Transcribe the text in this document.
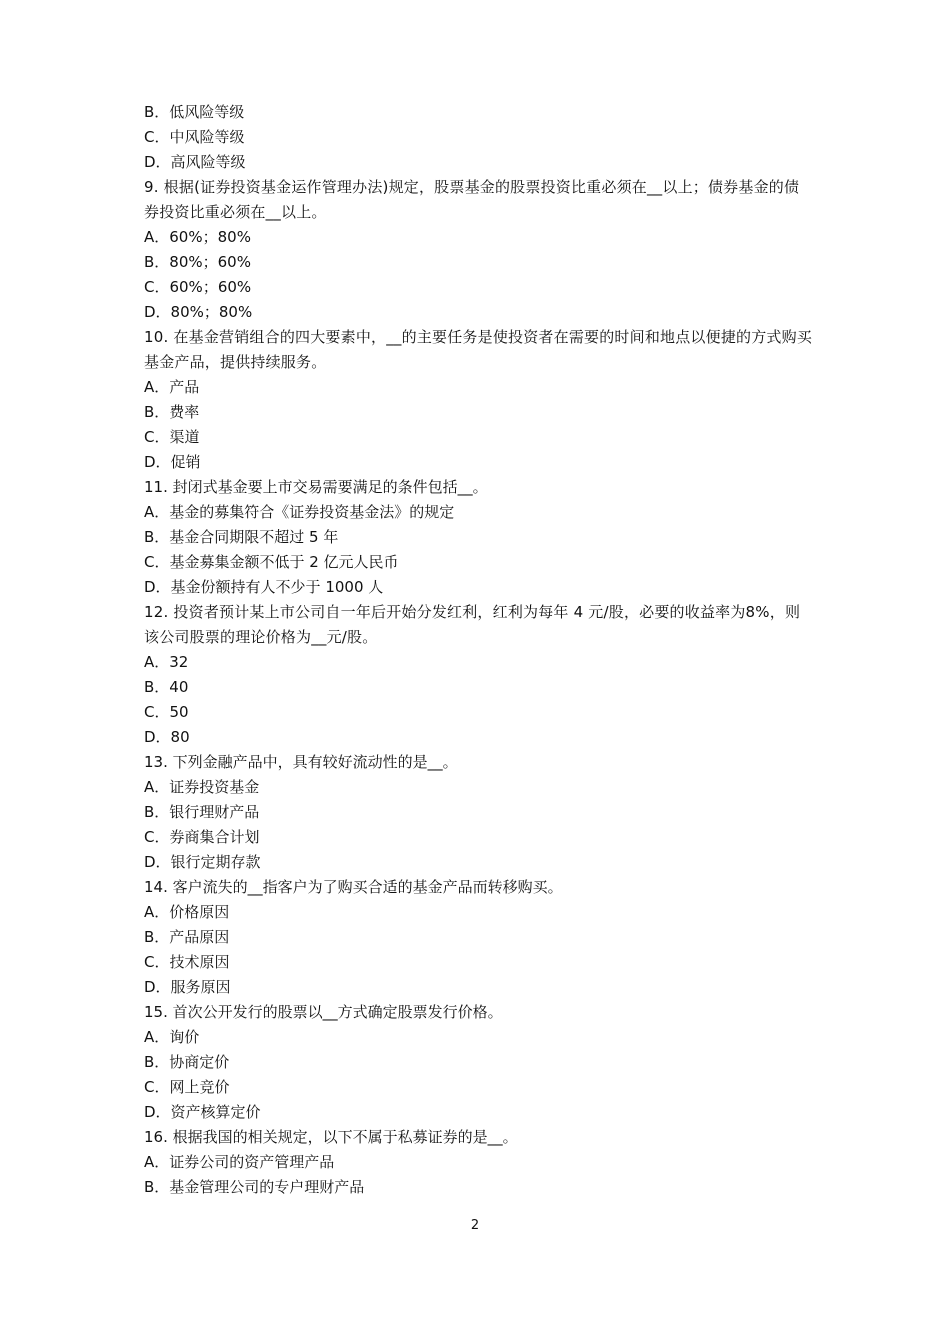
B．低风险等级
C．中风险等级
D．高风险等级
9. 根据(证券投资基金运作管理办法)规定，股票基金的股票投资比重必须在__以上；债券基金的债券投资比重必须在__以上。
A．60%；80%
B．80%；60%
C．60%；60%
D．80%；80%
10. 在基金营销组合的四大要素中，__的主要任务是使投资者在需要的时间和地点以便捷的方式购买基金产品，提供持续服务。
A．产品
B．费率
C．渠道
D．促销
11. 封闭式基金要上市交易需要满足的条件包括__。
A．基金的募集符合《证券投资基金法》的规定
B．基金合同期限不超过 5 年
C．基金募集金额不低于 2 亿元人民币
D．基金份额持有人不少于 1000 人
12. 投资者预计某上市公司自一年后开始分发红利，红利为每年 4 元/股，必要的收益率为8%，则该公司股票的理论价格为__元/股。
A．32
B．40
C．50
D．80
13. 下列金融产品中，具有较好流动性的是__。
A．证券投资基金
B．银行理财产品
C．券商集合计划
D．银行定期存款
14. 客户流失的__指客户为了购买合适的基金产品而转移购买。
A．价格原因
B．产品原因
C．技术原因
D．服务原因
15. 首次公开发行的股票以__方式确定股票发行价格。
A．询价
B．协商定价
C．网上竞价
D．资产核算定价
16. 根据我国的相关规定，以下不属于私募证券的是__。
A．证券公司的资产管理产品
B．基金管理公司的专户理财产品
2
